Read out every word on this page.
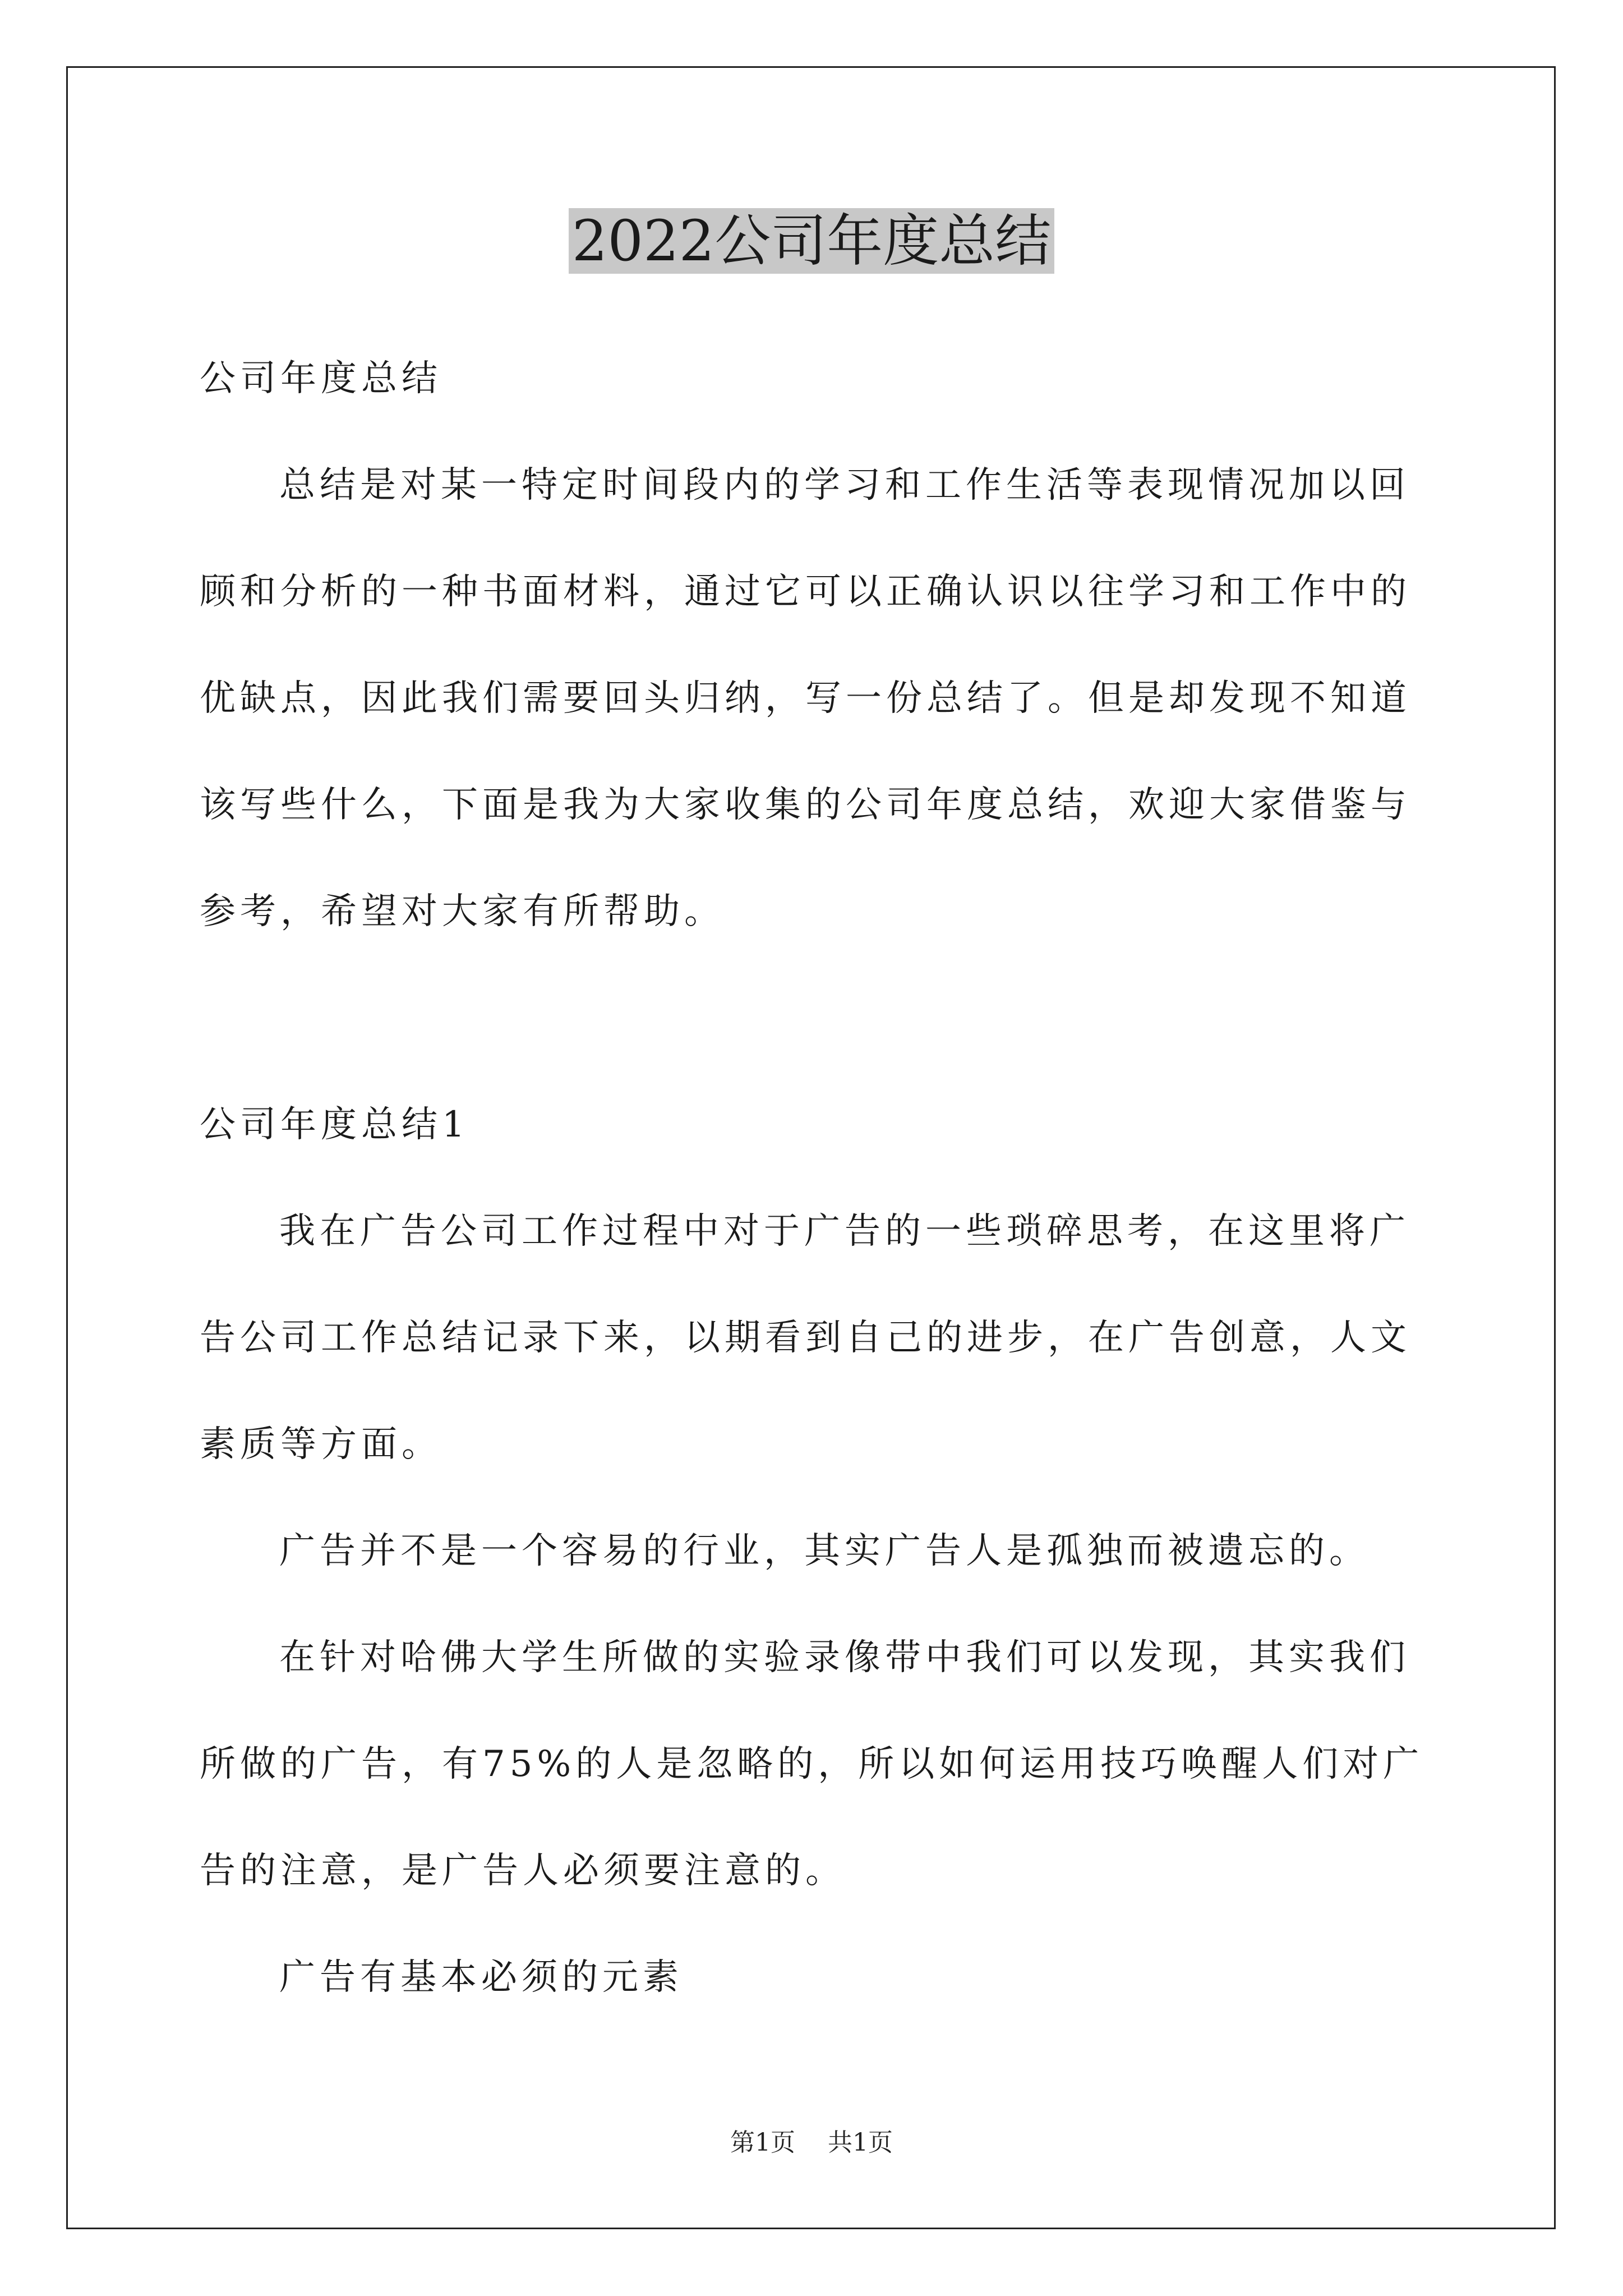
2022公司年度总结
公司年度总结
总结是对某一特定时间段内的学习和工作生活等表现情况加以回
顾和分析的一种书面材料，通过它可以正确认识以往学习和工作中的
优缺点，因此我们需要回头归纳，写一份总结了。但是却发现不知道
该写些什么，下面是我为大家收集的公司年度总结，欢迎大家借鉴与
参考，希望对大家有所帮助。
公司年度总结1
我在广告公司工作过程中对于广告的一些琐碎思考，在这里将广
告公司工作总结记录下来，以期看到自己的进步，在广告创意，人文
素质等方面。
广告并不是一个容易的行业，其实广告人是孤独而被遗忘的。
在针对哈佛大学生所做的实验录像带中我们可以发现，其实我们
所做的广告，有75%的人是忽略的，所以如何运用技巧唤醒人们对广
告的注意，是广告人必须要注意的。
广告有基本必须的元素
第1页 共1页
